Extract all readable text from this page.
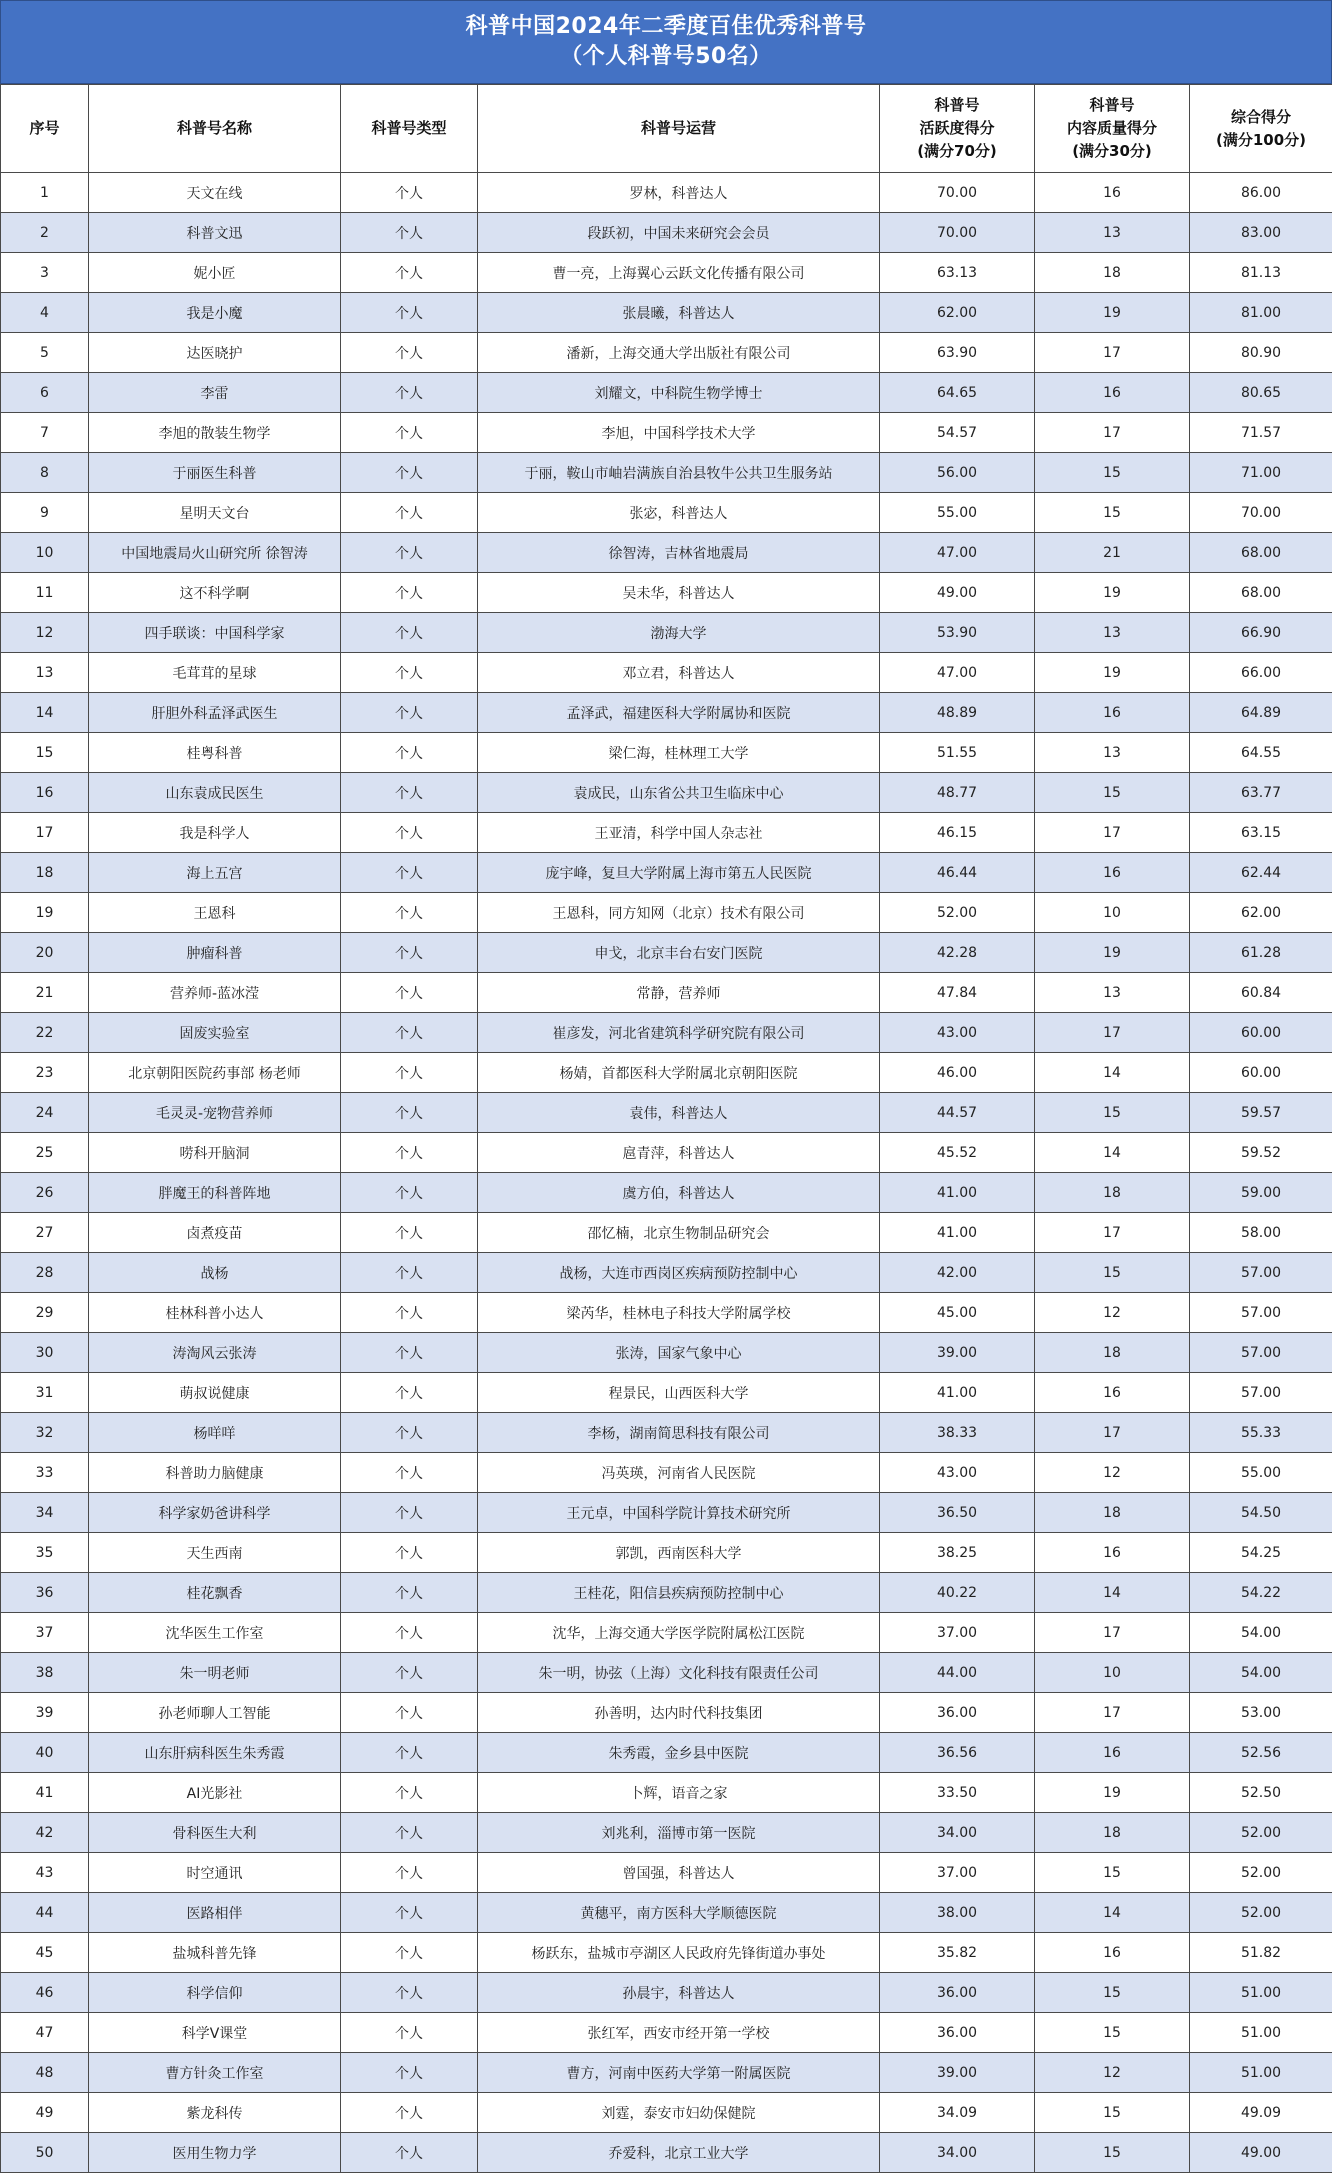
科普中国2024年二季度百佳优秀科普号
（个人科普号50名）
序号	科普号名称	科普号类型	科普号运营	科普号
活跃度得分
(满分70分)	科普号
内容质量得分
(满分30分)	综合得分
(满分100分)

1	天文在线	个人	罗林，科普达人	70.00	16	86.00
2	科普文迅	个人	段跃初，中国未来研究会会员	70.00	13	83.00
3	妮小匠	个人	曹一亮，上海翼心云跃文化传播有限公司	63.13	18	81.13
4	我是小魔	个人	张晨曦，科普达人	62.00	19	81.00
5	达医晓护	个人	潘新，上海交通大学出版社有限公司	63.90	17	80.90
6	李雷	个人	刘耀文，中科院生物学博士	64.65	16	80.65
7	李旭的散装生物学	个人	李旭，中国科学技术大学	54.57	17	71.57
8	于丽医生科普	个人	于丽，鞍山市岫岩满族自治县牧牛公共卫生服务站	56.00	15	71.00
9	星明天文台	个人	张宓，科普达人	55.00	15	70.00
10	中国地震局火山研究所 徐智涛	个人	徐智涛，吉林省地震局	47.00	21	68.00
11	这不科学啊	个人	吴未华，科普达人	49.00	19	68.00
12	四手联谈：中国科学家	个人	渤海大学	53.90	13	66.90
13	毛茸茸的星球	个人	邓立君，科普达人	47.00	19	66.00
14	肝胆外科孟泽武医生	个人	孟泽武，福建医科大学附属协和医院	48.89	16	64.89
15	桂粤科普	个人	梁仁海，桂林理工大学	51.55	13	64.55
16	山东袁成民医生	个人	袁成民，山东省公共卫生临床中心	48.77	15	63.77
17	我是科学人	个人	王亚清，科学中国人杂志社	46.15	17	63.15
18	海上五宫	个人	庞宇峰，复旦大学附属上海市第五人民医院	46.44	16	62.44
19	王恩科	个人	王恩科，同方知网（北京）技术有限公司	52.00	10	62.00
20	肿瘤科普	个人	申戈，北京丰台右安门医院	42.28	19	61.28
21	营养师-蓝冰滢	个人	常静，营养师	47.84	13	60.84
22	固废实验室	个人	崔彦发，河北省建筑科学研究院有限公司	43.00	17	60.00
23	北京朝阳医院药事部 杨老师	个人	杨婧，首都医科大学附属北京朝阳医院	46.00	14	60.00
24	毛灵灵-宠物营养师	个人	袁伟，科普达人	44.57	15	59.57
25	唠科开脑洞	个人	扈青萍，科普达人	45.52	14	59.52
26	胖魔王的科普阵地	个人	虞方伯，科普达人	41.00	18	59.00
27	卤煮疫苗	个人	邵忆楠，北京生物制品研究会	41.00	17	58.00
28	战杨	个人	战杨，大连市西岗区疾病预防控制中心	42.00	15	57.00
29	桂林科普小达人	个人	梁芮华，桂林电子科技大学附属学校	45.00	12	57.00
30	涛淘风云张涛	个人	张涛，国家气象中心	39.00	18	57.00
31	萌叔说健康	个人	程景民，山西医科大学	41.00	16	57.00
32	杨咩咩	个人	李杨，湖南简思科技有限公司	38.33	17	55.33
33	科普助力脑健康	个人	冯英瑛，河南省人民医院	43.00	12	55.00
34	科学家奶爸讲科学	个人	王元卓，中国科学院计算技术研究所	36.50	18	54.50
35	天生西南	个人	郭凯，西南医科大学	38.25	16	54.25
36	桂花飘香	个人	王桂花，阳信县疾病预防控制中心	40.22	14	54.22
37	沈华医生工作室	个人	沈华，上海交通大学医学院附属松江医院	37.00	17	54.00
38	朱一明老师	个人	朱一明，协弦（上海）文化科技有限责任公司	44.00	10	54.00
39	孙老师聊人工智能	个人	孙善明，达内时代科技集团	36.00	17	53.00
40	山东肝病科医生朱秀霞	个人	朱秀霞，金乡县中医院	36.56	16	52.56
41	AI光影社	个人	卜辉，语音之家	33.50	19	52.50
42	骨科医生大利	个人	刘兆利，淄博市第一医院	34.00	18	52.00
43	时空通讯	个人	曾国强，科普达人	37.00	15	52.00
44	医路相伴	个人	黄穗平，南方医科大学顺德医院	38.00	14	52.00
45	盐城科普先锋	个人	杨跃东，盐城市亭湖区人民政府先锋街道办事处	35.82	16	51.82
46	科学信仰	个人	孙晨宇，科普达人	36.00	15	51.00
47	科学V课堂	个人	张红军，西安市经开第一学校	36.00	15	51.00
48	曹方针灸工作室	个人	曹方，河南中医药大学第一附属医院	39.00	12	51.00
49	紫龙科传	个人	刘霆，泰安市妇幼保健院	34.09	15	49.09
50	医用生物力学	个人	乔爱科，北京工业大学	34.00	15	49.00
